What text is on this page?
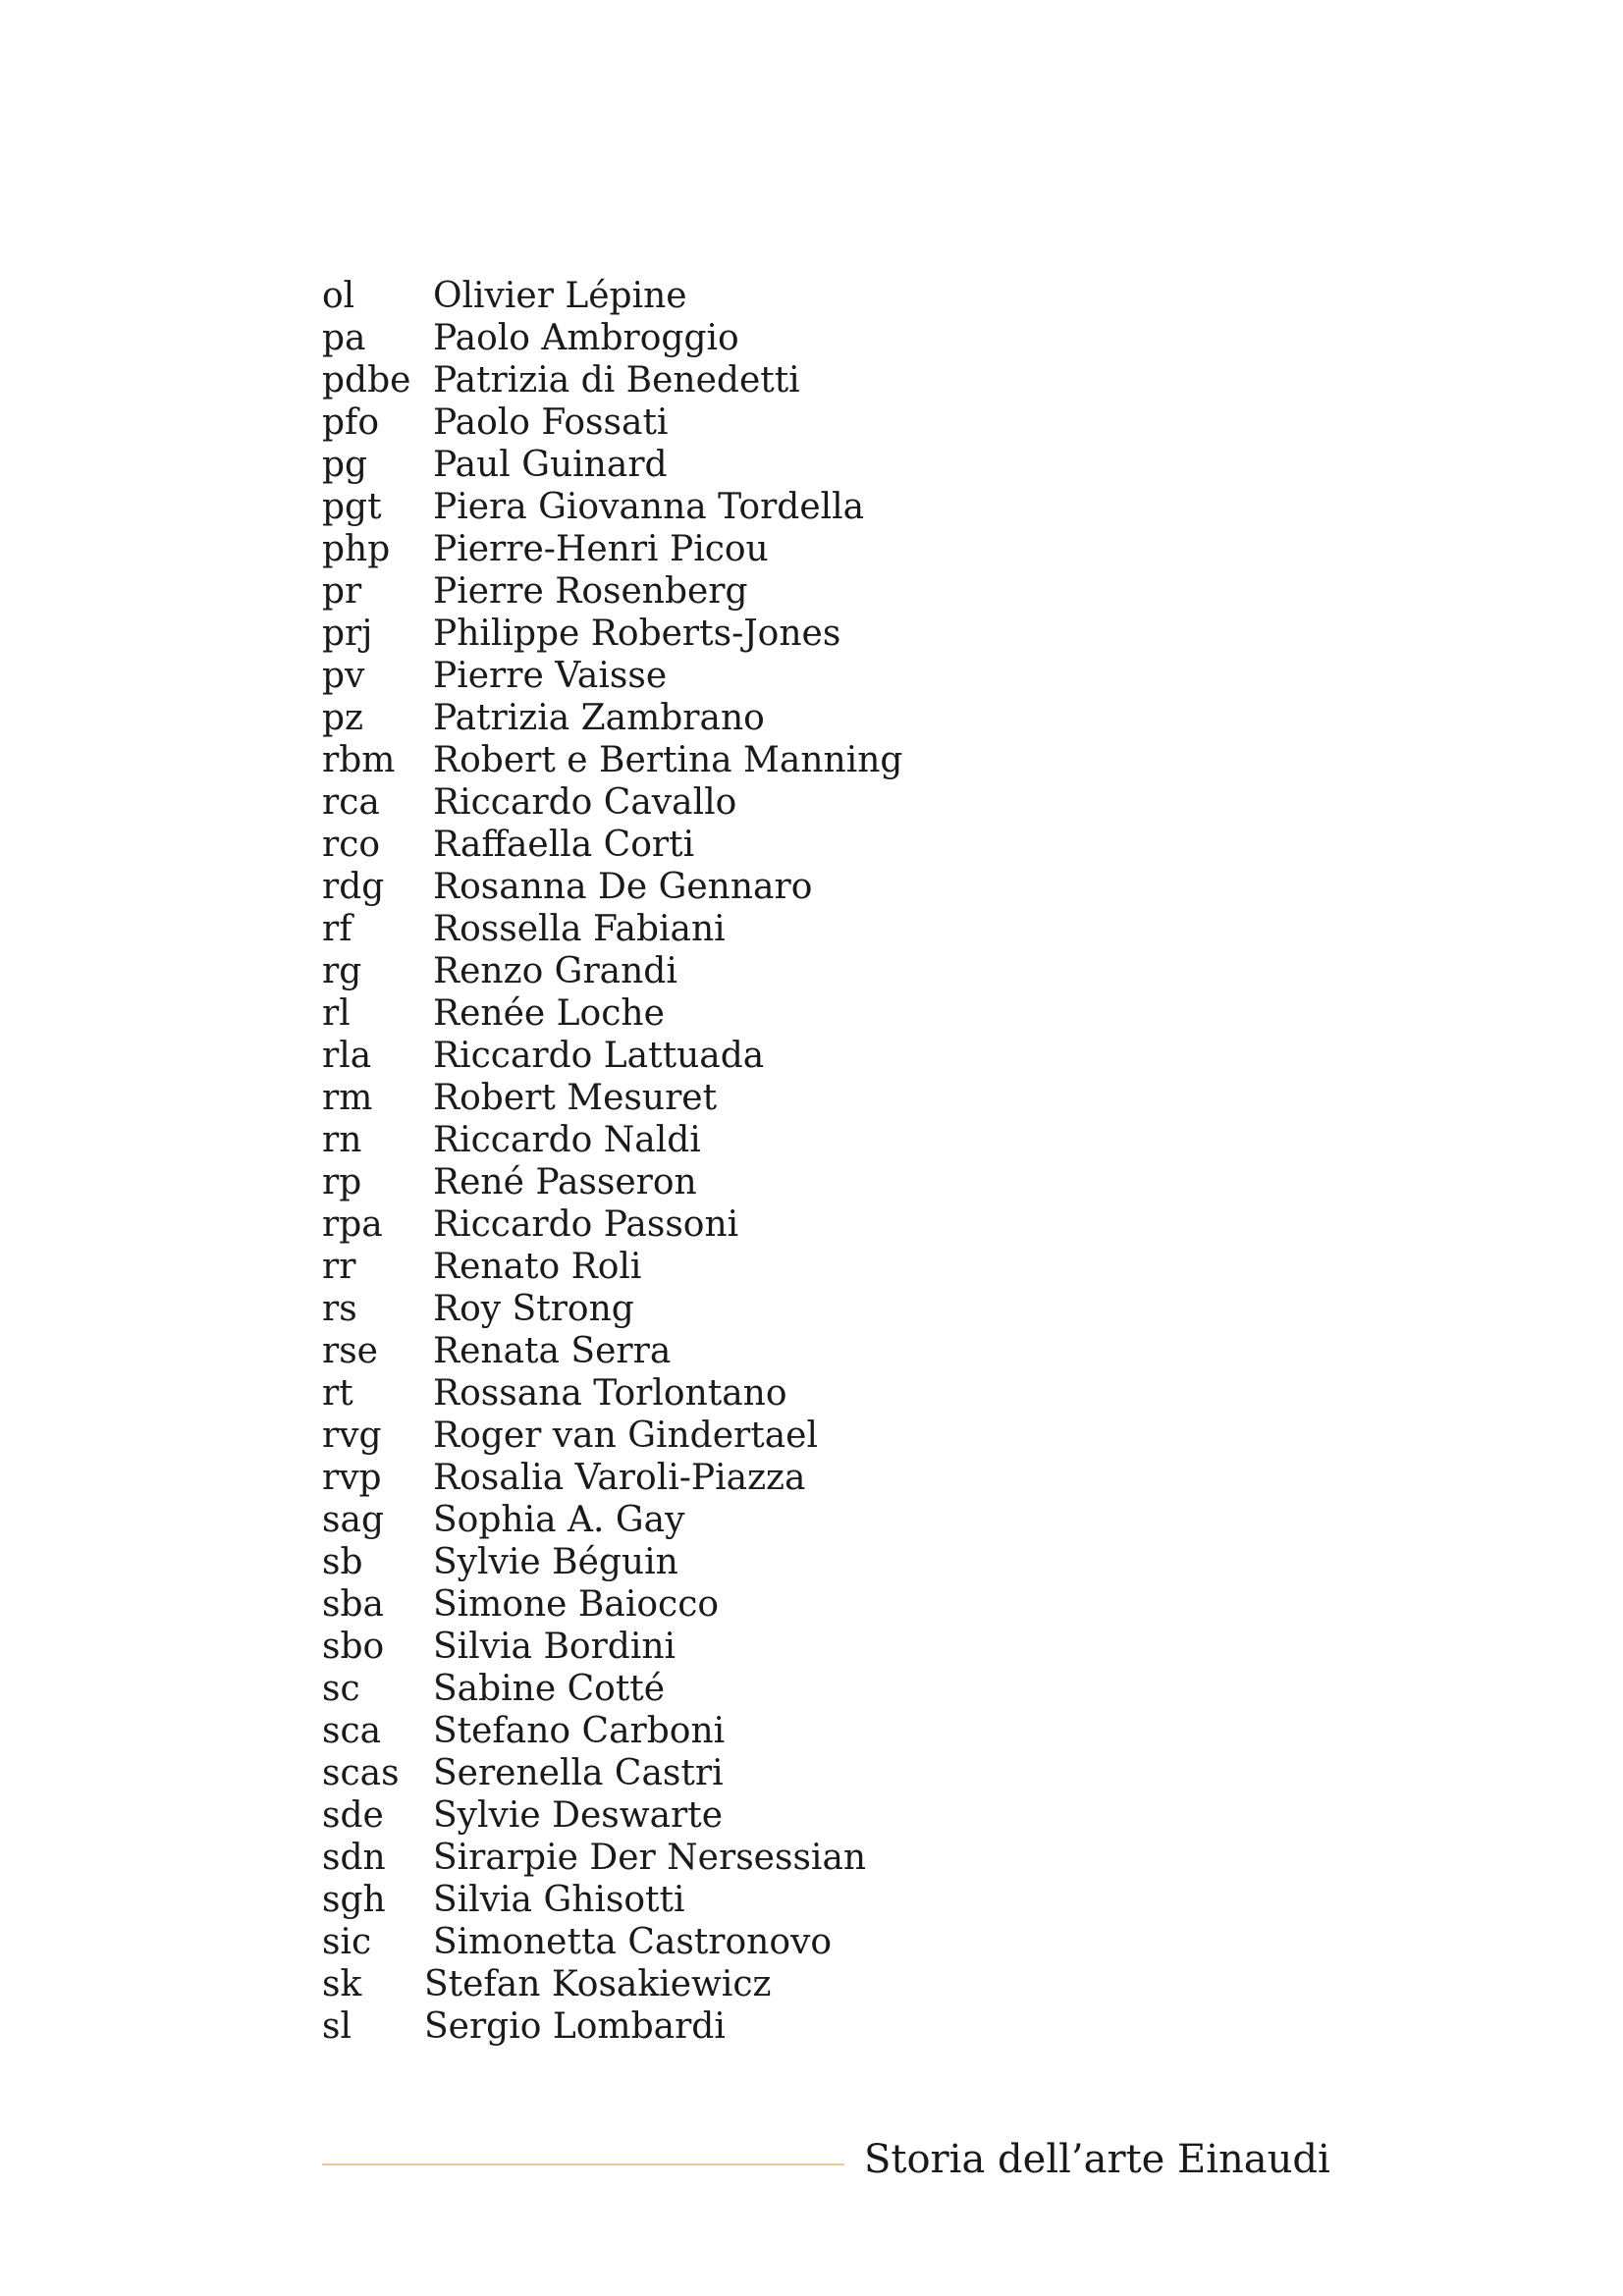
ol	Olivier Lépine
pa	Paolo Ambroggio
pdbe Patrizia di Benedetti
pfo	Paolo Fossati
pg	Paul Guinard
pgt	Piera Giovanna Tordella
php	Pierre-Henri Picou
pr	Pierre Rosenberg
prj	Philippe Roberts-Jones
pv	Pierre Vaisse
pz	Patrizia Zambrano
rbm	Robert e Bertina Manning
rca	Riccardo Cavallo
rco	Raffaella Corti
rdg	Rosanna De Gennaro
rf	Rossella Fabiani
rg	Renzo Grandi
rl	Renée Loche
rla	Riccardo Lattuada
rm	Robert Mesuret
rn	Riccardo Naldi
rp	René Passeron
rpa	Riccardo Passoni
rr	Renato Roli
rs	Roy Strong
rse	Renata Serra
rt	Rossana Torlontano
rvg	Roger van Gindertael
rvp	Rosalia Varoli-Piazza
sag	Sophia A. Gay
sb	Sylvie Béguin
sba	Simone Baiocco
sbo	Silvia Bordini
sc	Sabine Cotté
sca	Stefano Carboni
scas Serenella Castri
sde	Sylvie Deswarte
sdn	Sirarpie Der Nersessian
sgh	Silvia Ghisotti
sic	Simonetta Castronovo
sk	Stefan Kosakiewicz
sl	Sergio Lombardi
Storia dell’arte Einaudi
